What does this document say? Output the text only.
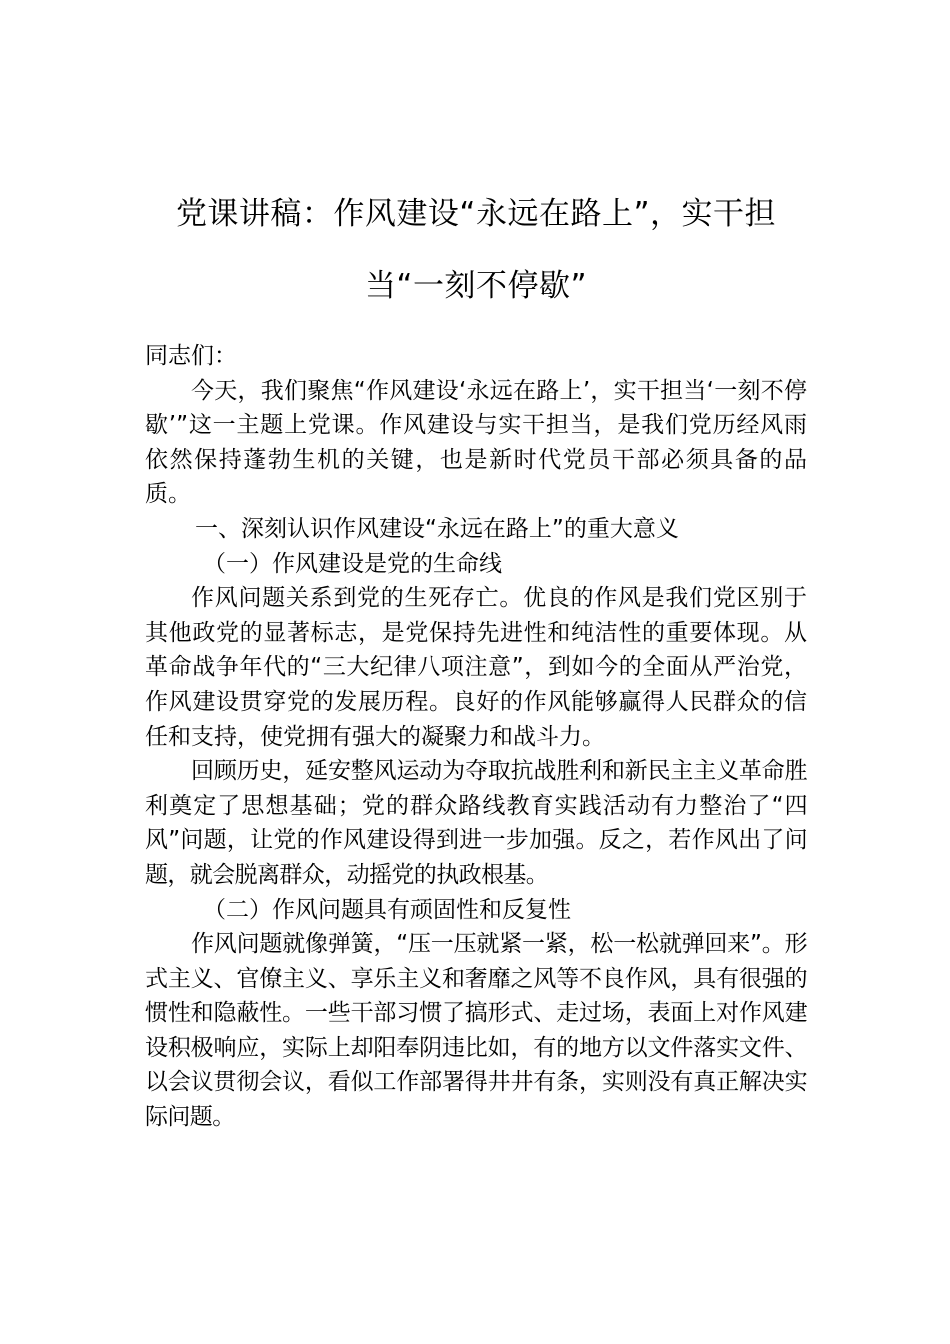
党课讲稿：作风建设“永远在路上”，实干担
当“一刻不停歇”

同志们：

今天，我们聚焦“作风建设‘永远在路上’，实干担当‘一刻不停歇’”这一主题上党课。作风建设与实干担当，是我们党历经风雨依然保持蓬勃生机的关键，也是新时代党员干部必须具备的品质。

一、深刻认识作风建设“永远在路上”的重大意义

（一）作风建设是党的生命线

作风问题关系到党的生死存亡。优良的作风是我们党区别于其他政党的显著标志，是党保持先进性和纯洁性的重要体现。从革命战争年代的“三大纪律八项注意”，到如今的全面从严治党，作风建设贯穿党的发展历程。良好的作风能够赢得人民群众的信任和支持，使党拥有强大的凝聚力和战斗力。

回顾历史，延安整风运动为夺取抗战胜利和新民主主义革命胜利奠定了思想基础；党的群众路线教育实践活动有力整治了“四风”问题，让党的作风建设得到进一步加强。反之，若作风出了问题，就会脱离群众，动摇党的执政根基。

（二）作风问题具有顽固性和反复性

作风问题就像弹簧，“压一压就紧一紧，松一松就弹回来”。形式主义、官僚主义、享乐主义和奢靡之风等不良作风，具有很强的惯性和隐蔽性。一些干部习惯了搞形式、走过场，表面上对作风建设积极响应，实际上却阳奉阴违比如，有的地方以文件落实文件、以会议贯彻会议，看似工作部署得井井有条，实则没有真正解决实际问题。
